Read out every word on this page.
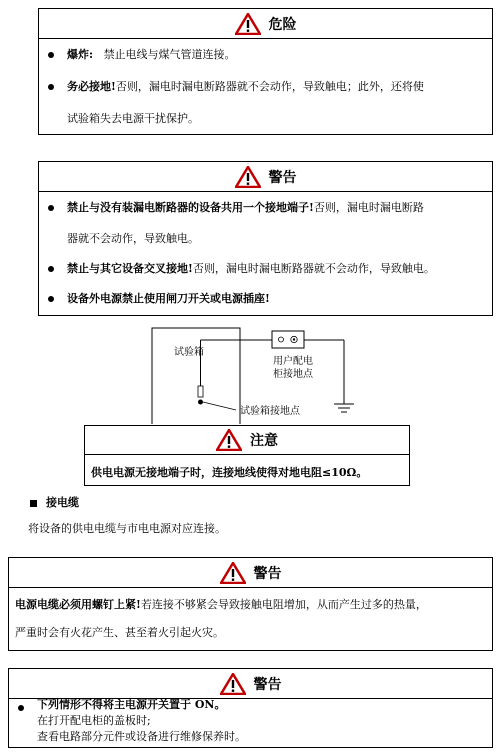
危险
爆炸: 禁止电线与煤气管道连接。
务必接地!否则，漏电时漏电断路器就不会动作，导致触电；此外，还将使
试验箱失去电源干扰保护。
警告
禁止与没有装漏电断路器的设备共用一个接地端子!否则，漏电时漏电断路
器就不会动作，导致触电。
禁止与其它设备交叉接地!否则，漏电时漏电断路器就不会动作，导致触电。
设备外电源禁止使用闸刀开关或电源插座!
试验箱
试验箱接地点
用户配电
柜接地点
注意
供电电源无接地端子时，连接地线使得对地电阻≤10Ω。
接电缆
将设备的供电电缆与市电电源对应连接。
警告
电源电缆必须用螺钉上紧!若连接不够紧会导致接触电阻增加，从而产生过多的热量，
严重时会有火花产生、甚至着火引起火灾。
警告
下列情形不得将主电源开关置于 ON。
在打开配电柜的盖板时;
查看电路部分元件或设备进行维修保养时。
